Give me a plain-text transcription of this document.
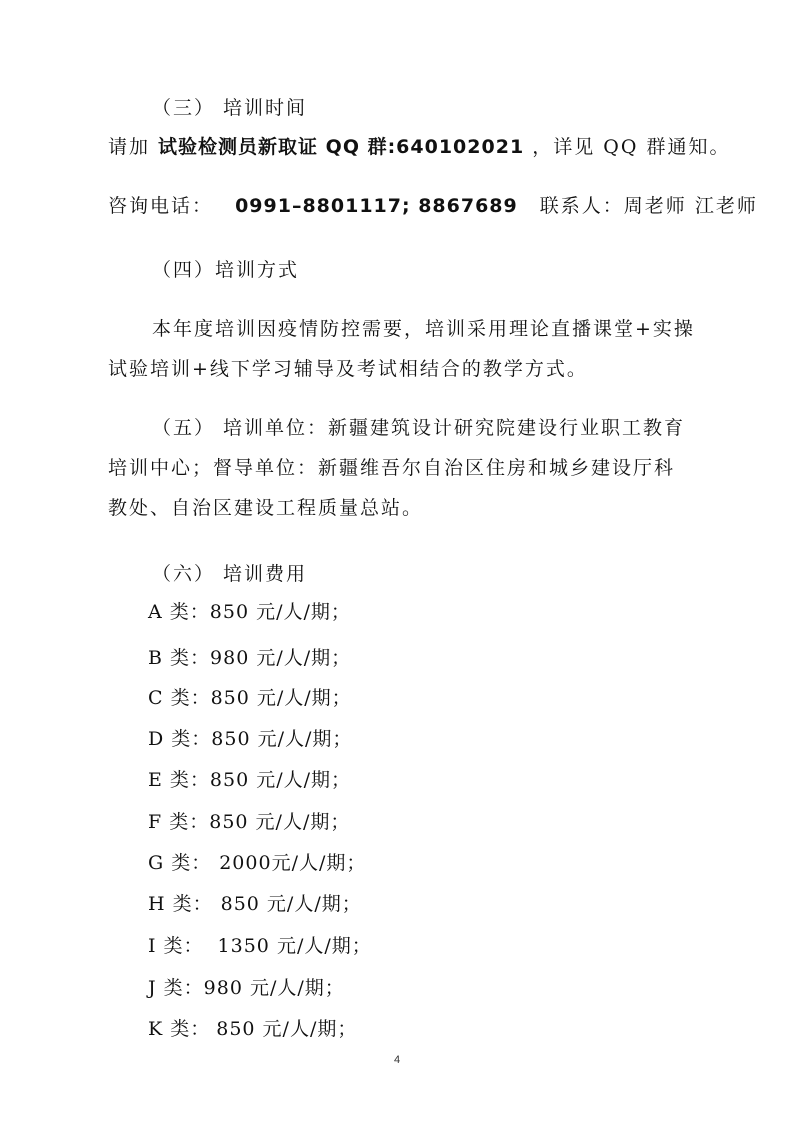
（三） 培训时间
请加 试验检测员新取证 QQ 群:640102021 ，详见 QQ 群通知。
咨询电话： 0991–8801117; 8867689 联系人：周老师 江老师
（四）培训方式
本年度培训因疫情防控需要，培训采用理论直播课堂+实操
试验培训+线下学习辅导及考试相结合的教学方式。
（五） 培训单位：新疆建筑设计研究院建设行业职工教育
培训中心；督导单位：新疆维吾尔自治区住房和城乡建设厅科
教处、自治区建设工程质量总站。
（六） 培训费用
A 类：850 元/人/期；
B 类：980 元/人/期；
C 类：850 元/人/期；
D 类：850 元/人/期；
E 类：850 元/人/期；
F 类：850 元/人/期；
G 类：2000元/人/期；
H 类：850 元/人/期；
I 类：1350 元/人/期；
J 类：980 元/人/期；
K 类：850 元/人/期；
4
